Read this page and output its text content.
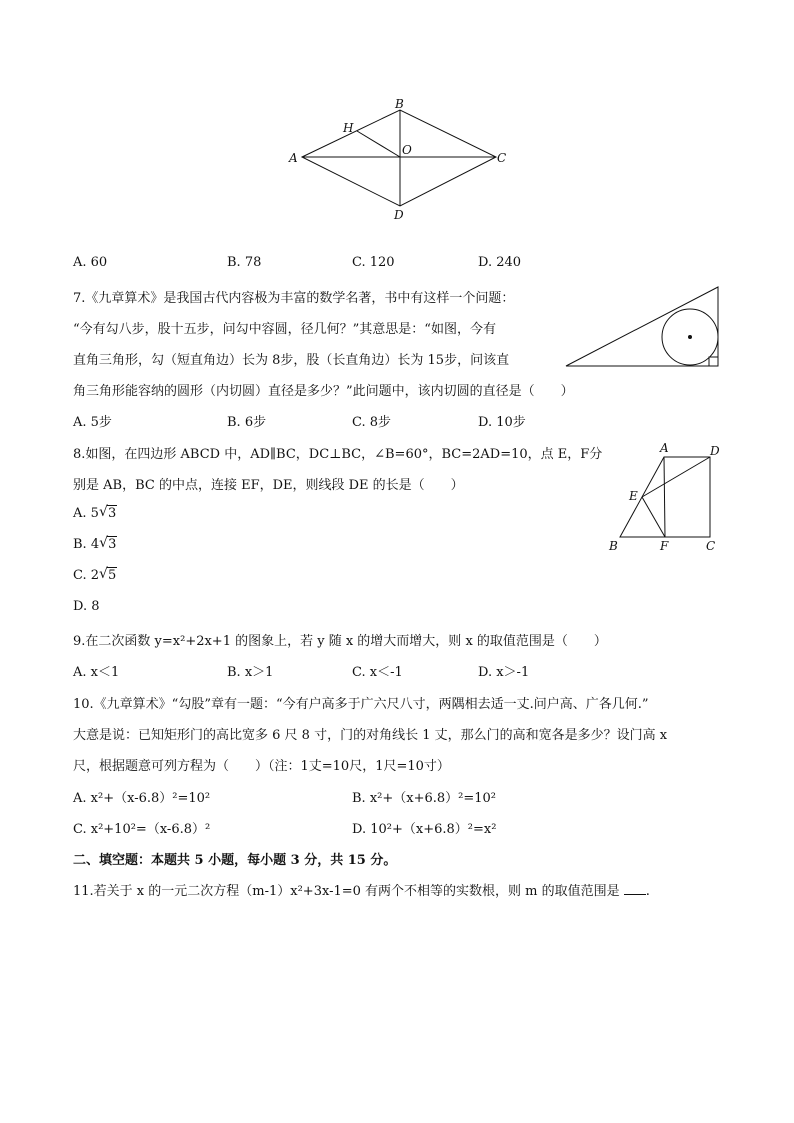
B
H
O
A	C
D
A. 60	B. 78	C. 120	D. 240
7.《九章算术》是我国古代内容极为丰富的数学名著，书中有这样一个问题：
“今有勾八步，股十五步，问勾中容圆，径几何？”其意思是：“如图，今有
直角三角形，勾（短直角边）长为 8步，股（长直角边）长为 15步，问该直
角三角形能容纳的圆形（内切圆）直径是多少？”此问题中，该内切圆的直径是（　　）
A. 5步	B. 6步	C. 8步	D. 10步
8.如图，在四边形 ABCD 中，AD∥BC，DC⊥BC，∠B=60°，BC=2AD=10，点 E，F分
别是 AB，BC 的中点，连接 EF，DE，则线段 DE 的长是（　　）
A. 5 √ 3
B. 4 √ 3
C. 2 √ 5
D. 8
A	D
E
B	F	C
9.在二次函数 y=x²+2x+1 的图象上，若 y 随 x 的增大而增大，则 x 的取值范围是（　　）
A. x＜1	B. x＞1	C. x＜-1	D. x＞-1
10.《九章算术》“勾股”章有一题：“今有户高多于广六尺八寸，两隅相去适一丈.问户高、广各几何.”
大意是说：已知矩形门的高比宽多 6 尺 8 寸，门的对角线长 1 丈，那么门的高和宽各是多少？设门高 x
尺，根据题意可列方程为（　　）（注：1丈=10尺，1尺=10寸）
A. x²+（x-6.8）²=10²	B. x²+（x+6.8）²=10²
C. x²+10²=（x-6.8）²	D. 10²+（x+6.8）²=x²
二、填空题：本题共 5 小题，每小题 3 分，共 15 分。
11.若关于 x 的一元二次方程（m-1）x²+3x-1=0 有两个不相等的实数根，则 m 的取值范围是 .
